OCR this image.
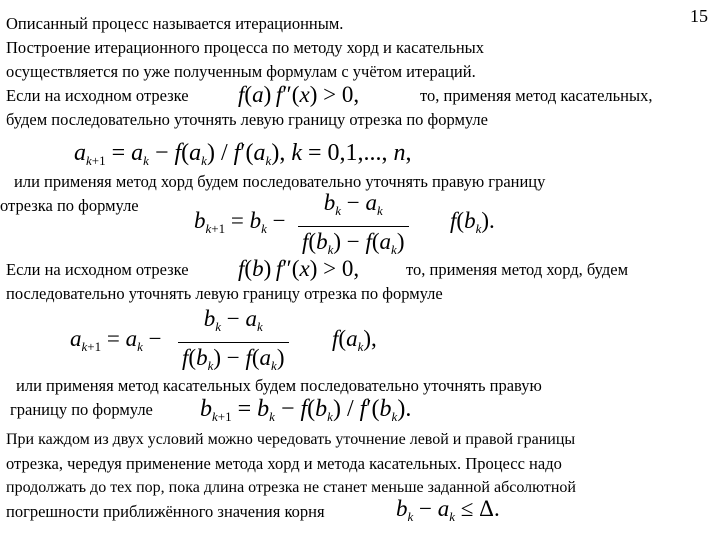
15
Описанный процесс называется итерационным.
Построение итерационного процесса по методу хорд и касательных
осуществляется по уже полученным формулам с учётом итераций.
Если на исходном отрезке	то, применяя метод касательных,
будем последовательно уточнять левую границу отрезка по формуле
f(a) f″(x) > 0,
$a_{k+1} = a_k - f(a_k) / f'(a_k)$, k = 0,1,..., n,
или применяя метод хорд будем последовательно уточнять правую границу
отрезка по формуле
$b_{k+1} = b_k - \frac{b_k - a_k}{f(b_k) - f(a_k)} f(b_k)$.
Если на исходном отрезке	то, применяя метод хорд, будем
последовательно уточнять левую границу отрезка по формуле
f(b) f″(x) > 0,
$a_{k+1} = a_k - \frac{b_k - a_k}{f(b_k) - f(a_k)} f(a_k)$,
или применяя метод касательных будем последовательно уточнять правую
границу по формуле $b_{k+1} = b_k - f(b_k) / f'(b_k)$.
При каждом из двух условий можно чередовать уточнение левой и правой границы
отрезка, чередуя применение метода хорд и метода касательных. Процесс надо
продолжать до тех пор, пока длина отрезка не станет меньше заданной абсолютной
погрешности приближённого значения корня	$b_k - a_k \le \Delta$.
